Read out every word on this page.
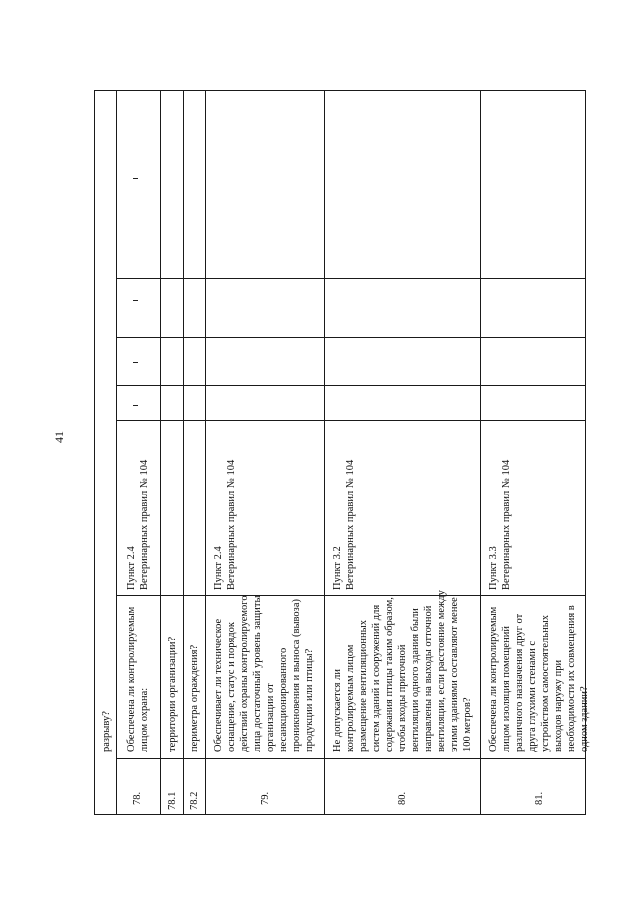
41
разрыву?
78.
Обеспечена ли контролируемым лицом охрана:
Пункт 2.4 Ветеринарных правил № 104
78.1
территории организации?
78.2
периметра ограждения?
79.
Обеспечивает ли техническое оснащение, статус и порядок действий охраны контролируемого лица достаточный уровень защиты организации от несанкционированного проникновения и выноса (вывоза) продукции или птицы?
Пункт 2.4 Ветеринарных правил № 104
80.
Не допускается ли контролируемым лицом размещение вентиляционных систем зданий и сооружений для содержания птицы таким образом, чтобы входы приточной вентиляции одного здания были направлены на выходы отточной вентиляции, если расстояние между этими зданиями составляют менее 100 метров?
Пункт 3.2 Ветеринарных правил № 104
81.
Обеспечена ли контролируемым лицом изоляция помещений различного назначения друг от друга глухими стенами с устройством самостоятельных выходов наружу при необходимости их совмещения в одном здании?
Пункт 3.3 Ветеринарных правил № 104
